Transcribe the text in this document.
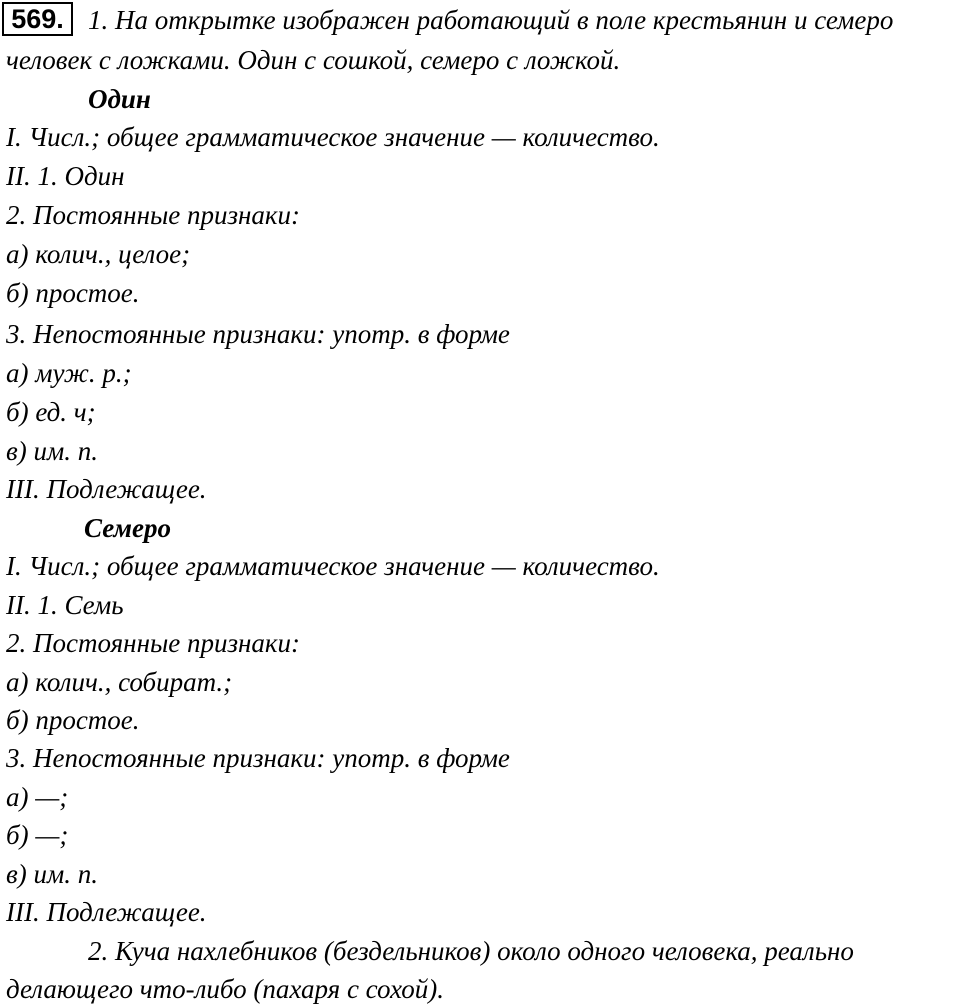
569. 1. На открытке изображен работающий в поле крестьянин и семеро
человек с ложками. Один с сошкой, семеро с ложкой.
Один
I. Числ.; общее грамматическое значение — количество.
II. 1. Один
2. Постоянные признаки:
а) колич., целое;
б) простое.
3. Непостоянные признаки: употр. в форме
а) муж. р.;
б) ед. ч;
в) им. п.
III. Подлежащее.
Семеро
I. Числ.; общее грамматическое значение — количество.
II. 1. Семь
2. Постоянные признаки:
а) колич., собират.;
б) простое.
3. Непостоянные признаки: употр. в форме
а) —;
б) —;
в) им. п.
III. Подлежащее.
2. Куча нахлебников (бездельников) около одного человека, реально
делающего что-либо (пахаря с сохой).
